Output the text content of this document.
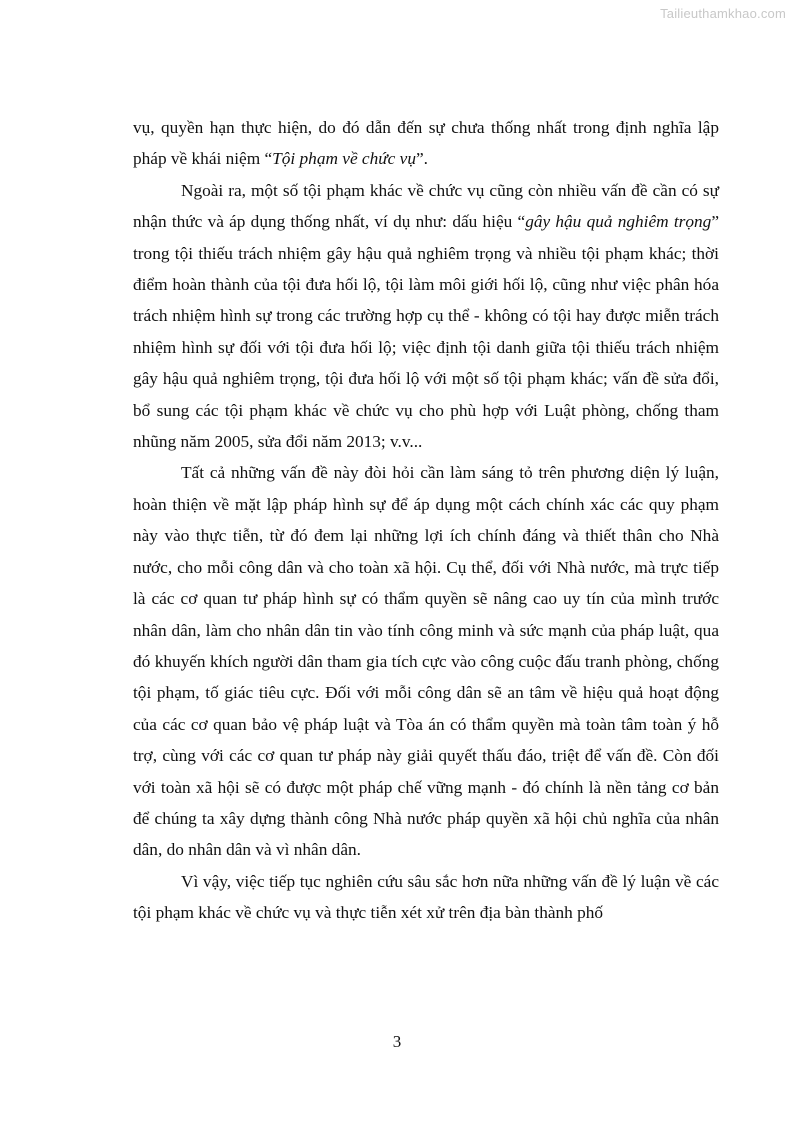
Tailieuthamkhao.com

vụ, quyền hạn thực hiện, do đó dẫn đến sự chưa thống nhất trong định nghĩa lập pháp về khái niệm “Tội phạm về chức vụ”.

Ngoài ra, một số tội phạm khác về chức vụ cũng còn nhiều vấn đề cần có sự nhận thức và áp dụng thống nhất, ví dụ như: dấu hiệu “gây hậu quả nghiêm trọng” trong tội thiếu trách nhiệm gây hậu quả nghiêm trọng và nhiều tội phạm khác; thời điểm hoàn thành của tội đưa hối lộ, tội làm môi giới hối lộ, cũng như việc phân hóa trách nhiệm hình sự trong các trường hợp cụ thể - không có tội hay được miễn trách nhiệm hình sự đối với tội đưa hối lộ; việc định tội danh giữa tội thiếu trách nhiệm gây hậu quả nghiêm trọng, tội đưa hối lộ với một số tội phạm khác; vấn đề sửa đổi, bổ sung các tội phạm khác về chức vụ cho phù hợp với Luật phòng, chống tham nhũng năm 2005, sửa đổi năm 2013; v.v...

Tất cả những vấn đề này đòi hỏi cần làm sáng tỏ trên phương diện lý luận, hoàn thiện về mặt lập pháp hình sự để áp dụng một cách chính xác các quy phạm này vào thực tiễn, từ đó đem lại những lợi ích chính đáng và thiết thân cho Nhà nước, cho mỗi công dân và cho toàn xã hội. Cụ thể, đối với Nhà nước, mà trực tiếp là các cơ quan tư pháp hình sự có thẩm quyền sẽ nâng cao uy tín của mình trước nhân dân, làm cho nhân dân tin vào tính công minh và sức mạnh của pháp luật, qua đó khuyến khích người dân tham gia tích cực vào công cuộc đấu tranh phòng, chống tội phạm, tố giác tiêu cực. Đối với mỗi công dân sẽ an tâm về hiệu quả hoạt động của các cơ quan bảo vệ pháp luật và Tòa án có thẩm quyền mà toàn tâm toàn ý hỗ trợ, cùng với các cơ quan tư pháp này giải quyết thấu đáo, triệt để vấn đề. Còn đối với toàn xã hội sẽ có được một pháp chế vững mạnh - đó chính là nền tảng cơ bản để chúng ta xây dựng thành công Nhà nước pháp quyền xã hội chủ nghĩa của nhân dân, do nhân dân và vì nhân dân.

Vì vậy, việc tiếp tục nghiên cứu sâu sắc hơn nữa những vấn đề lý luận về các tội phạm khác về chức vụ và thực tiễn xét xử trên địa bàn thành phố

3
